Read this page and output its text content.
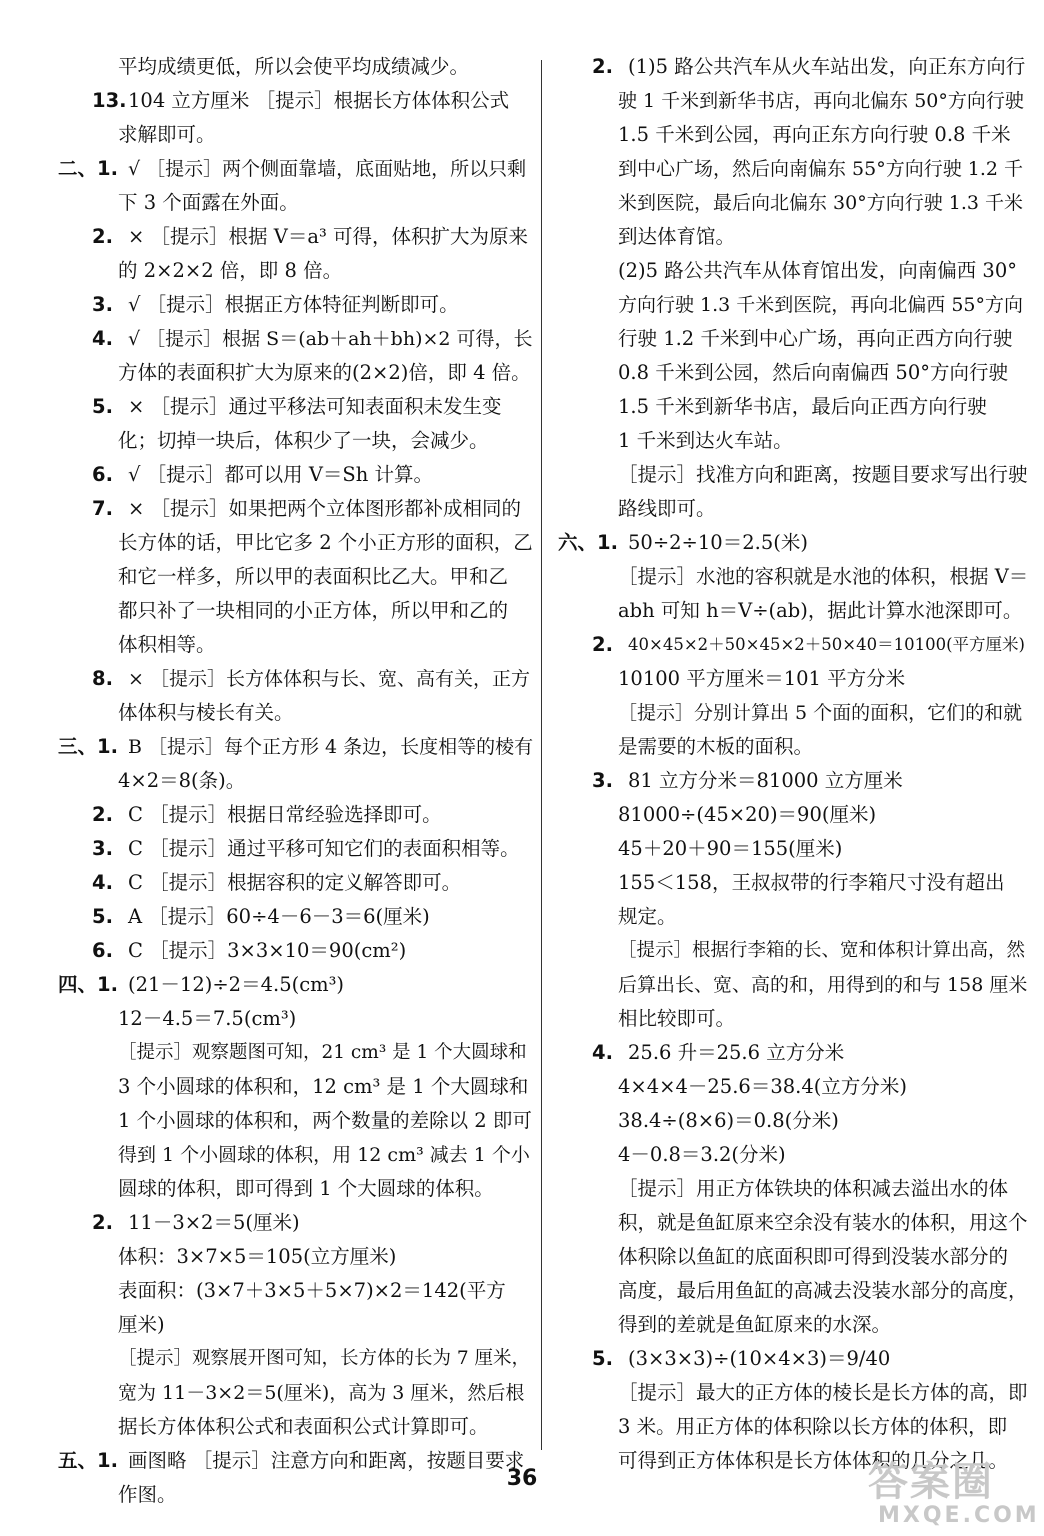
平均成绩更低，所以会使平均成绩减少。
13. 104 立方厘米 ［提示］根据长方体体积公式
求解即可。
二、1. √ ［提示］两个侧面靠墙，底面贴地，所以只剩
下 3 个面露在外面。
2. × ［提示］根据 V＝a³ 可得，体积扩大为原来
的 2×2×2 倍，即 8 倍。
3. √ ［提示］根据正方体特征判断即可。
4. √ ［提示］根据 S＝(ab＋ah＋bh)×2 可得，长
方体的表面积扩大为原来的(2×2)倍，即 4 倍。
5. × ［提示］通过平移法可知表面积未发生变
化；切掉一块后，体积少了一块，会减少。
6. √ ［提示］都可以用 V＝Sh 计算。
7. × ［提示］如果把两个立体图形都补成相同的
长方体的话，甲比它多 2 个小正方形的面积，乙
和它一样多，所以甲的表面积比乙大。甲和乙
都只补了一块相同的小正方体，所以甲和乙的
体积相等。
8. × ［提示］长方体体积与长、宽、高有关，正方
体体积与棱长有关。
三、1. B ［提示］每个正方形 4 条边，长度相等的棱有
4×2＝8(条)。
2. C ［提示］根据日常经验选择即可。
3. C ［提示］通过平移可知它们的表面积相等。
4. C ［提示］根据容积的定义解答即可。
5. A ［提示］60÷4－6－3＝6(厘米)
6. C ［提示］3×3×10＝90(cm²)
四、1. (21－12)÷2＝4.5(cm³)
12－4.5＝7.5(cm³)
［提示］观察题图可知，21 cm³ 是 1 个大圆球和
3 个小圆球的体积和，12 cm³ 是 1 个大圆球和
1 个小圆球的体积和，两个数量的差除以 2 即可
得到 1 个小圆球的体积，用 12 cm³ 减去 1 个小
圆球的体积，即可得到 1 个大圆球的体积。
2. 11－3×2＝5(厘米)
体积：3×7×5＝105(立方厘米)
表面积：(3×7＋3×5＋5×7)×2＝142(平方
厘米)
［提示］观察展开图可知，长方体的长为 7 厘米，
宽为 11－3×2＝5(厘米)，高为 3 厘米，然后根
据长方体体积公式和表面积公式计算即可。
五、1. 画图略 ［提示］注意方向和距离，按题目要求
作图。
2. (1)5 路公共汽车从火车站出发，向正东方向行
驶 1 千米到新华书店，再向北偏东 50°方向行驶
1.5 千米到公园，再向正东方向行驶 0.8 千米
到中心广场，然后向南偏东 55°方向行驶 1.2 千
米到医院，最后向北偏东 30°方向行驶 1.3 千米
到达体育馆。
(2)5 路公共汽车从体育馆出发，向南偏西 30°
方向行驶 1.3 千米到医院，再向北偏西 55°方向
行驶 1.2 千米到中心广场，再向正西方向行驶
0.8 千米到公园，然后向南偏西 50°方向行驶
1.5 千米到新华书店，最后向正西方向行驶
1 千米到达火车站。
［提示］找准方向和距离，按题目要求写出行驶
路线即可。
六、1. 50÷2÷10＝2.5(米)
［提示］水池的容积就是水池的体积，根据 V＝
abh 可知 h＝V÷(ab)，据此计算水池深即可。
2. 40×45×2＋50×45×2＋50×40＝10100(平方厘米)
10100 平方厘米＝101 平方分米
［提示］分别计算出 5 个面的面积，它们的和就
是需要的木板的面积。
3. 81 立方分米＝81000 立方厘米
81000÷(45×20)＝90(厘米)
45＋20＋90＝155(厘米)
155＜158，王叔叔带的行李箱尺寸没有超出
规定。
［提示］根据行李箱的长、宽和体积计算出高，然
后算出长、宽、高的和，用得到的和与 158 厘米
相比较即可。
4. 25.6 升＝25.6 立方分米
4×4×4－25.6＝38.4(立方分米)
38.4÷(8×6)＝0.8(分米)
4－0.8＝3.2(分米)
［提示］用正方体铁块的体积减去溢出水的体
积，就是鱼缸原来空余没有装水的体积，用这个
体积除以鱼缸的底面积即可得到没装水部分的
高度，最后用鱼缸的高减去没装水部分的高度，
得到的差就是鱼缸原来的水深。
5. (3×3×3)÷(10×4×3)＝9/40
［提示］最大的正方体的棱长是长方体的高，即
3 米。用正方体的体积除以长方体的体积，即
可得到正方体体积是长方体体积的几分之几。
36	答案圈
MXQE.COM
